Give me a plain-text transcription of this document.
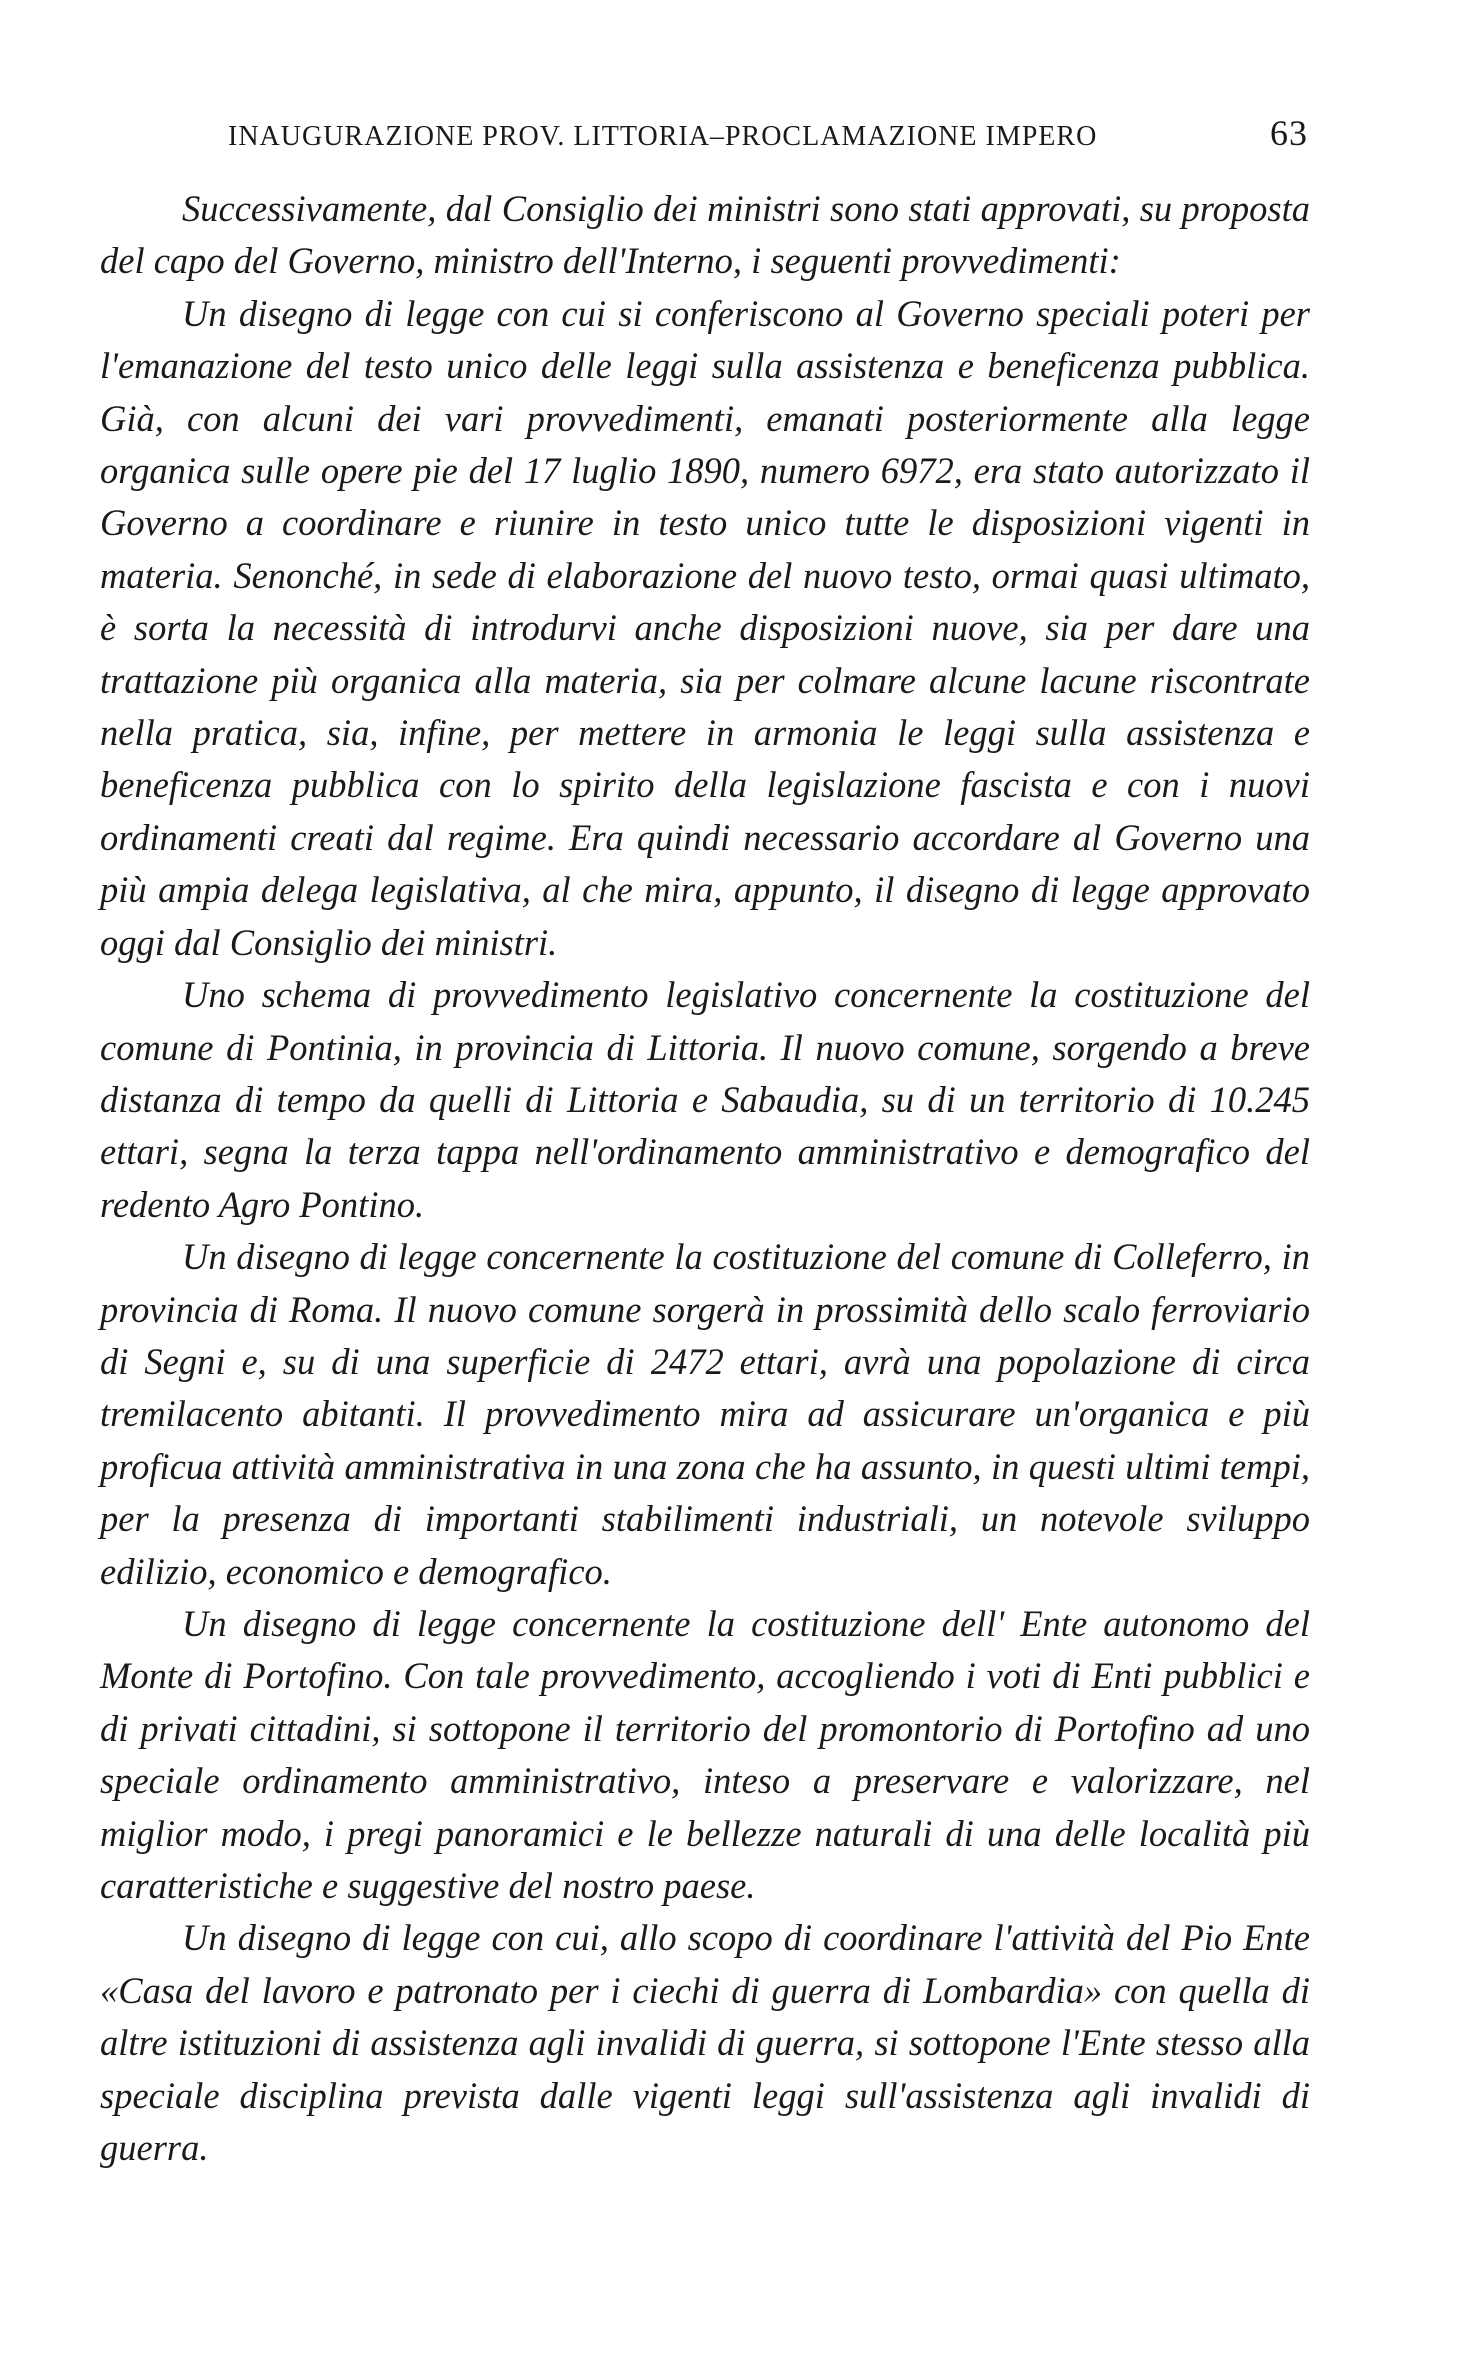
INAUGURAZIONE PROV. LITTORIA–PROCLAMAZIONE IMPERO	63

Successivamente, dal Consiglio dei ministri sono stati approvati, su proposta del capo del Governo, ministro dell'Interno, i seguenti provvedimenti:

Un disegno di legge con cui si conferiscono al Governo speciali poteri per l'emanazione del testo unico delle leggi sulla assistenza e beneficenza pubblica. Già, con alcuni dei vari provvedimenti, emanati posteriormente alla legge organica sulle opere pie del 17 luglio 1890, numero 6972, era stato autorizzato il Governo a coordinare e riunire in testo unico tutte le disposizioni vigenti in materia. Senonché, in sede di elaborazione del nuovo testo, ormai quasi ultimato, è sorta la necessità di introdurvi anche disposizioni nuove, sia per dare una trattazione più organica alla materia, sia per colmare alcune lacune riscontrate nella pratica, sia, infine, per mettere in armonia le leggi sulla assistenza e beneficenza pubblica con lo spirito della legislazione fascista e con i nuovi ordinamenti creati dal regime. Era quindi necessario accordare al Governo una più ampia delega legislativa, al che mira, appunto, il disegno di legge approvato oggi dal Consiglio dei ministri.

Uno schema di provvedimento legislativo concernente la costituzione del comune di Pontinia, in provincia di Littoria. Il nuovo comune, sorgendo a breve distanza di tempo da quelli di Littoria e Sabaudia, su di un territorio di 10.245 ettari, segna la terza tappa nell'ordinamento amministrativo e demografico del redento Agro Pontino.

Un disegno di legge concernente la costituzione del comune di Colleferro, in provincia di Roma. Il nuovo comune sorgerà in prossimità dello scalo ferroviario di Segni e, su di una superficie di 2472 ettari, avrà una popolazione di circa tremilacento abitanti. Il provvedimento mira ad assicurare un'organica e più proficua attività amministrativa in una zona che ha assunto, in questi ultimi tempi, per la presenza di importanti stabilimenti industriali, un notevole sviluppo edilizio, economico e demografico.

Un disegno di legge concernente la costituzione dell' Ente autonomo del Monte di Portofino. Con tale provvedimento, accogliendo i voti di Enti pubblici e di privati cittadini, si sottopone il territorio del promontorio di Portofino ad uno speciale ordinamento amministrativo, inteso a preservare e valorizzare, nel miglior modo, i pregi panoramici e le bellezze naturali di una delle località più caratteristiche e suggestive del nostro paese.

Un disegno di legge con cui, allo scopo di coordinare l'attività del Pio Ente «Casa del lavoro e patronato per i ciechi di guerra di Lombardia» con quella di altre istituzioni di assistenza agli invalidi di guerra, si sottopone l'Ente stesso alla speciale disciplina prevista dalle vigenti leggi sull'assistenza agli invalidi di guerra.
